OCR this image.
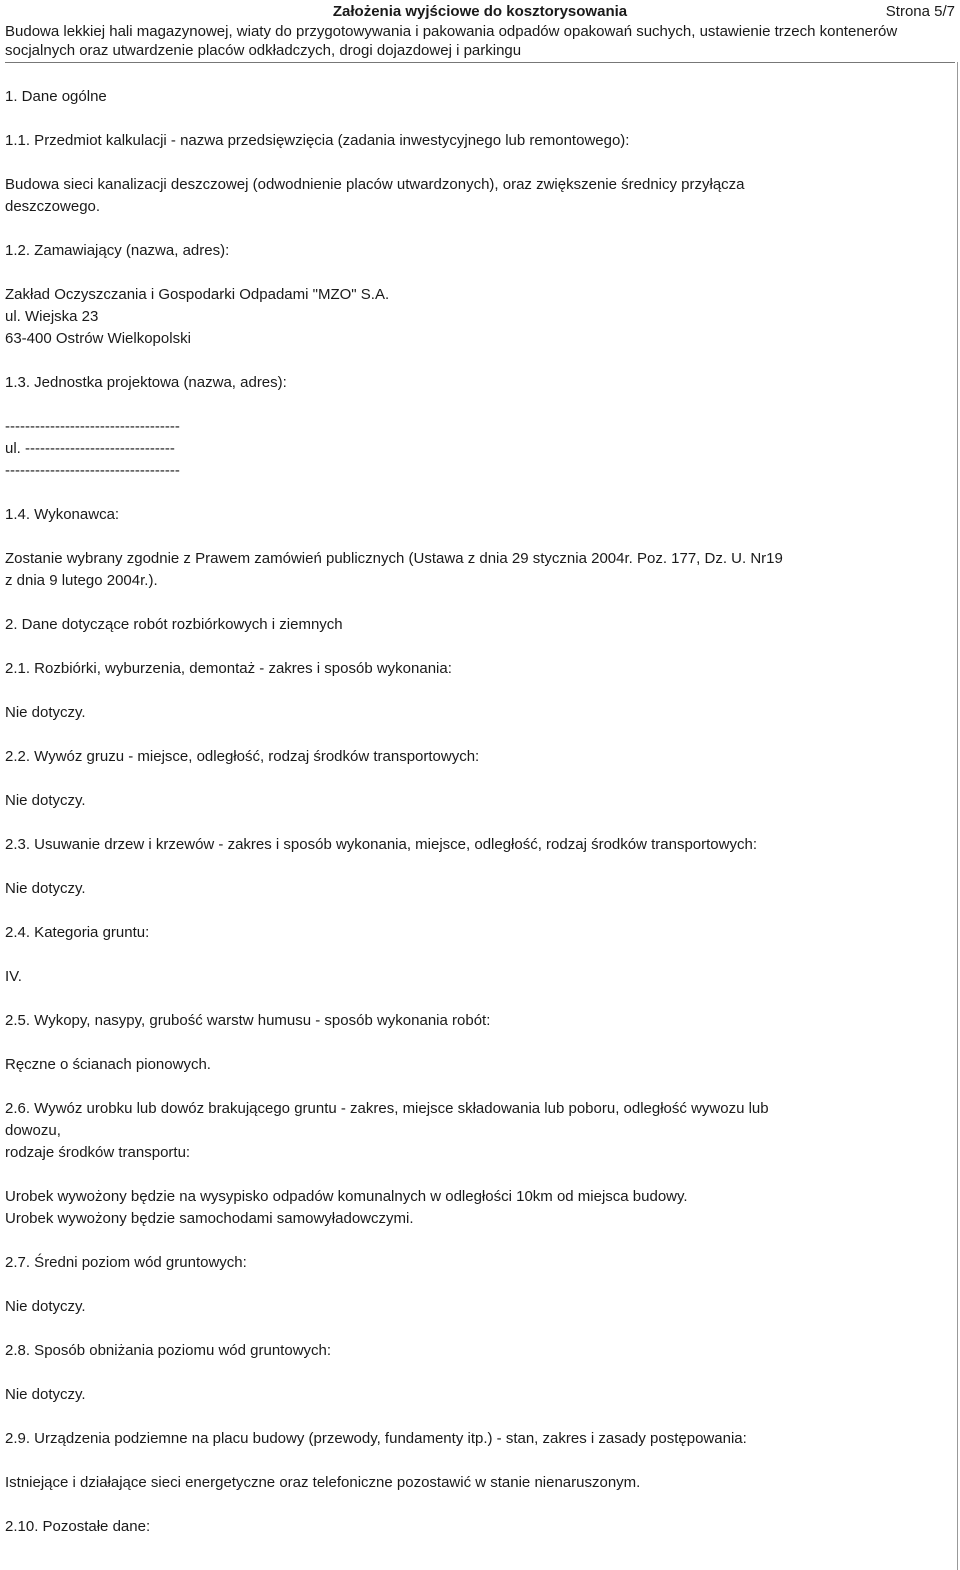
Założenia wyjściowe do kosztorysowania	Strona 5/7
Budowa lekkiej hali magazynowej, wiaty do przygotowywania i pakowania odpadów opakowań suchych, ustawienie trzech kontenerów
socjalnych oraz utwardzenie placów odkładczych, drogi dojazdowej i parkingu
1. Dane ogólne
1.1. Przedmiot kalkulacji - nazwa przedsięwzięcia (zadania inwestycyjnego lub remontowego):
Budowa sieci kanalizacji deszczowej (odwodnienie placów utwardzonych), oraz zwiększenie średnicy przyłącza
deszczowego.
1.2. Zamawiający (nazwa, adres):
Zakład Oczyszczania i Gospodarki Odpadami "MZO" S.A.
ul. Wiejska 23
63-400 Ostrów Wielkopolski
1.3. Jednostka projektowa (nazwa, adres):
-----------------------------------
ul. ------------------------------
-----------------------------------
1.4. Wykonawca:
Zostanie wybrany zgodnie z Prawem zamówień publicznych (Ustawa z dnia 29 stycznia 2004r. Poz. 177, Dz. U. Nr19
z dnia 9 lutego 2004r.).
2. Dane dotyczące robót rozbiórkowych i ziemnych
2.1. Rozbiórki, wyburzenia, demontaż - zakres i sposób wykonania:
Nie dotyczy.
2.2. Wywóz gruzu - miejsce, odległość, rodzaj środków transportowych:
Nie dotyczy.
2.3. Usuwanie drzew i krzewów - zakres i sposób wykonania, miejsce, odległość, rodzaj środków transportowych:
Nie dotyczy.
2.4. Kategoria gruntu:
IV.
2.5. Wykopy, nasypy, grubość warstw humusu - sposób wykonania robót:
Ręczne o ścianach pionowych.
2.6. Wywóz urobku lub dowóz brakującego gruntu - zakres, miejsce składowania lub poboru, odległość wywozu lub
dowozu,
rodzaje środków transportu:
Urobek wywożony będzie na wysypisko odpadów komunalnych w odległości 10km od miejsca budowy.
Urobek wywożony będzie samochodami samowyładowczymi.
2.7. Średni poziom wód gruntowych:
Nie dotyczy.
2.8. Sposób obniżania poziomu wód gruntowych:
Nie dotyczy.
2.9. Urządzenia podziemne na placu budowy (przewody, fundamenty itp.) - stan, zakres i zasady postępowania:
Istniejące i działające sieci energetyczne oraz telefoniczne pozostawić w stanie nienaruszonym.
2.10. Pozostałe dane:
